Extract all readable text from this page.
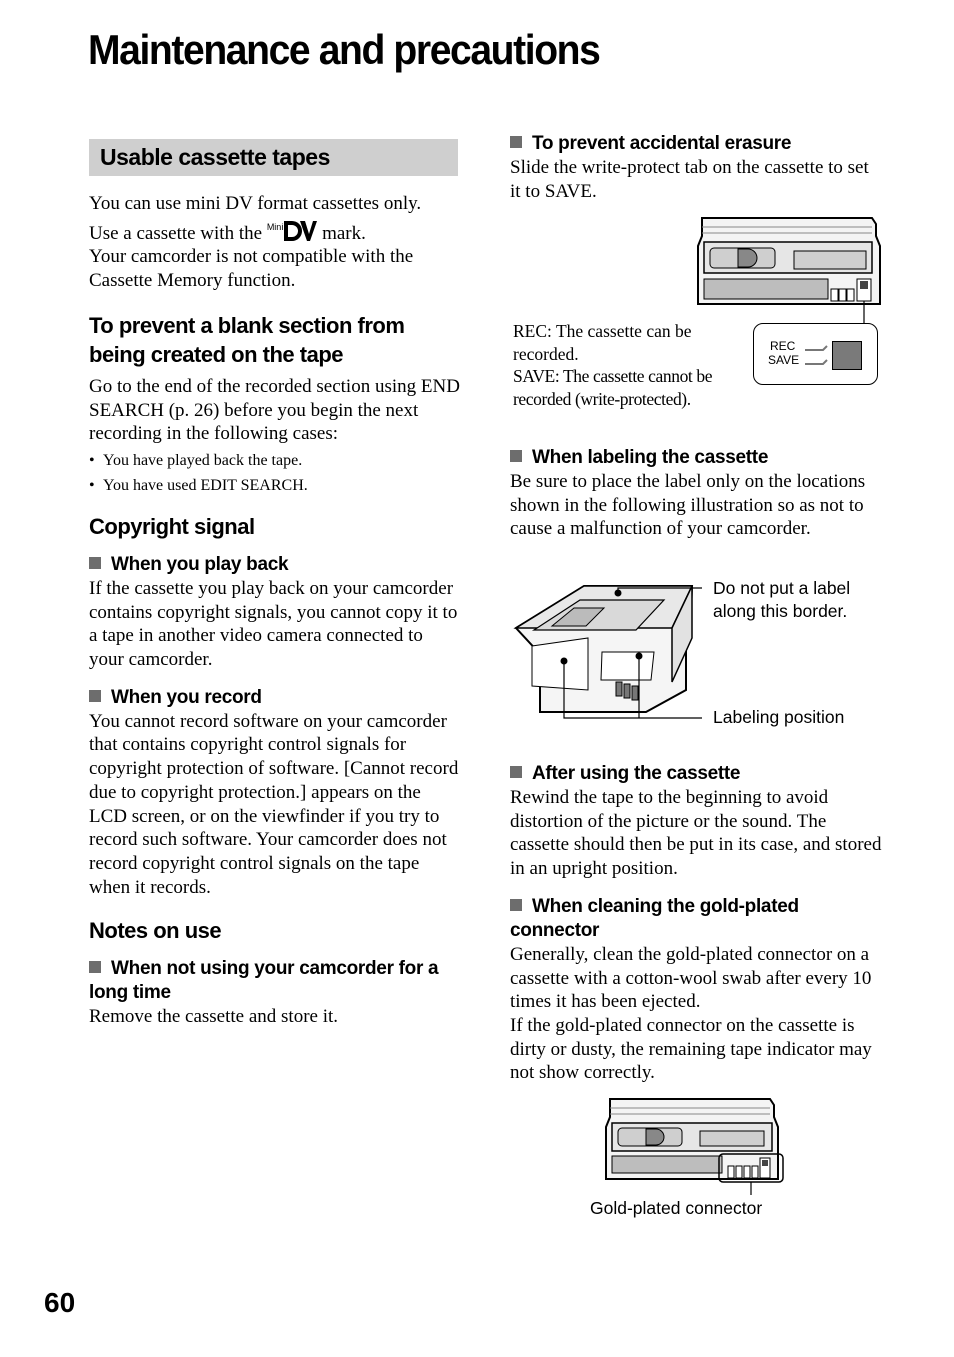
Maintenance and precautions
Usable cassette tapes

You can use mini DV format cassettes only.

Use a cassette with the $^{Mini}$ mark.

Your camcorder is not compatible with the Cassette Memory function.

To prevent a blank section from being created on the tape

Go to the end of the recorded section using END SEARCH (p. 26) before you begin the next recording in the following cases:

• You have played back the tape.
• You have used EDIT SEARCH.
Copyright signal
When you play back

If the cassette you play back on your camcorder contains copyright signals, you cannot copy it to a tape in another video camera connected to your camcorder.

When you record

You cannot record software on your camcorder that contains copyright control signals for copyright protection of software. [Cannot record due to copyright protection.] appears on the LCD screen, or on the viewfinder if you try to record such software. Your camcorder does not record copyright control signals on the tape when it records.

Notes on use
When not using your camcorder for a long time

Remove the cassette and store it.

To prevent accidental erasure

Slide the write-protect tab on the cassette to set it to SAVE.

REC
SAVE

REC: The cassette can be recorded.

SAVE: The cassette cannot be recorded (write-protected).

When labeling the cassette

Be sure to place the label only on the locations shown in the following illustration so as not to cause a malfunction of your camcorder.

Do not put a label along this border.
Labeling position
After using the cassette

Rewind the tape to the beginning to avoid distortion of the picture or the sound. The cassette should then be put in its case, and stored in an upright position.

When cleaning the gold-plated connector

Generally, clean the gold-plated connector on a cassette with a cotton-wool swab after every 10 times it has been ejected.

If the gold-plated connector on the cassette is dirty or dusty, the remaining tape indicator may not show correctly.

Gold-plated connector

60
